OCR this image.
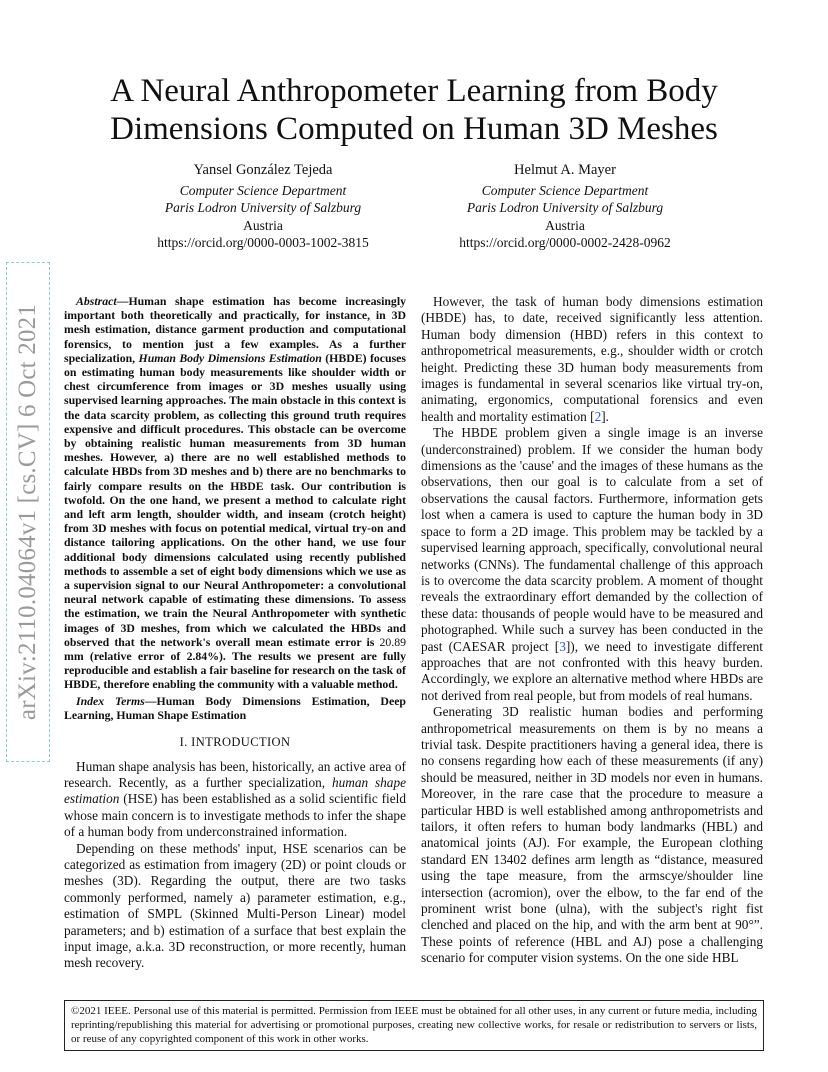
arXiv:2110.04064v1 [cs.CV] 6 Oct 2021
A Neural Anthropometer Learning from Body Dimensions Computed on Human 3D Meshes
Yansel González Tejeda
Computer Science Department
Paris Lodron University of Salzburg
Austria
https://orcid.org/0000-0003-1002-3815
Helmut A. Mayer
Computer Science Department
Paris Lodron University of Salzburg
Austria
https://orcid.org/0000-0002-2428-0962

Abstract—Human shape estimation has become increasingly important both theoretically and practically, for instance, in 3D mesh estimation, distance garment production and computational forensics, to mention just a few examples. As a further specialization, Human Body Dimensions Estimation (HBDE) focuses on estimating human body measurements like shoulder width or chest circumference from images or 3D meshes usually using supervised learning approaches. The main obstacle in this context is the data scarcity problem, as collecting this ground truth requires expensive and difficult procedures. This obstacle can be overcome by obtaining realistic human measurements from 3D human meshes. However, a) there are no well established methods to calculate HBDs from 3D meshes and b) there are no benchmarks to fairly compare results on the HBDE task. Our contribution is twofold. On the one hand, we present a method to calculate right and left arm length, shoulder width, and inseam (crotch height) from 3D meshes with focus on potential medical, virtual try-on and distance tailoring applications. On the other hand, we use four additional body dimensions calculated using recently published methods to assemble a set of eight body dimensions which we use as a supervision signal to our Neural Anthropometer: a convolutional neural network capable of estimating these dimensions. To assess the estimation, we train the Neural Anthropometer with synthetic images of 3D meshes, from which we calculated the HBDs and observed that the network's overall mean estimate error is 20.89 mm (relative error of 2.84%). The results we present are fully reproducible and establish a fair baseline for research on the task of HBDE, therefore enabling the community with a valuable method.

Index Terms—Human Body Dimensions Estimation, Deep Learning, Human Shape Estimation

I. INTRODUCTION

Human shape analysis has been, historically, an active area of research. Recently, as a further specialization, human shape estimation (HSE) has been established as a solid scientific field whose main concern is to investigate methods to infer the shape of a human body from underconstrained information.

Depending on these methods' input, HSE scenarios can be categorized as estimation from imagery (2D) or point clouds or meshes (3D). Regarding the output, there are two tasks commonly performed, namely a) parameter estimation, e.g., estimation of SMPL (Skinned Multi-Person Linear) model parameters; and b) estimation of a surface that best explain the input image, a.k.a. 3D reconstruction, or more recently, human mesh recovery.

However, the task of human body dimensions estimation (HBDE) has, to date, received significantly less attention. Human body dimension (HBD) refers in this context to anthropometrical measurements, e.g., shoulder width or crotch height. Predicting these 3D human body measurements from images is fundamental in several scenarios like virtual try-on, animating, ergonomics, computational forensics and even health and mortality estimation [2].

The HBDE problem given a single image is an inverse (underconstrained) problem. If we consider the human body dimensions as the 'cause' and the images of these humans as the observations, then our goal is to calculate from a set of observations the causal factors. Furthermore, information gets lost when a camera is used to capture the human body in 3D space to form a 2D image. This problem may be tackled by a supervised learning approach, specifically, convolutional neural networks (CNNs). The fundamental challenge of this approach is to overcome the data scarcity problem. A moment of thought reveals the extraordinary effort demanded by the collection of these data: thousands of people would have to be measured and photographed. While such a survey has been conducted in the past (CAESAR project [3]), we need to investigate different approaches that are not confronted with this heavy burden. Accordingly, we explore an alternative method where HBDs are not derived from real people, but from models of real humans.

Generating 3D realistic human bodies and performing anthropometrical measurements on them is by no means a trivial task. Despite practitioners having a general idea, there is no consens regarding how each of these measurements (if any) should be measured, neither in 3D models nor even in humans. Moreover, in the rare case that the procedure to measure a particular HBD is well established among anthropometrists and tailors, it often refers to human body landmarks (HBL) and anatomical joints (AJ). For example, the European clothing standard EN 13402 defines arm length as “distance, measured using the tape measure, from the armscye/shoulder line intersection (acromion), over the elbow, to the far end of the prominent wrist bone (ulna), with the subject's right fist clenched and placed on the hip, and with the arm bent at 90°”. These points of reference (HBL and AJ) pose a challenging scenario for computer vision systems. On the one side HBL

©2021 IEEE. Personal use of this material is permitted. Permission from IEEE must be obtained for all other uses, in any current or future media, including reprinting/republishing this material for advertising or promotional purposes, creating new collective works, for resale or redistribution to servers or lists, or reuse of any copyrighted component of this work in other works.
